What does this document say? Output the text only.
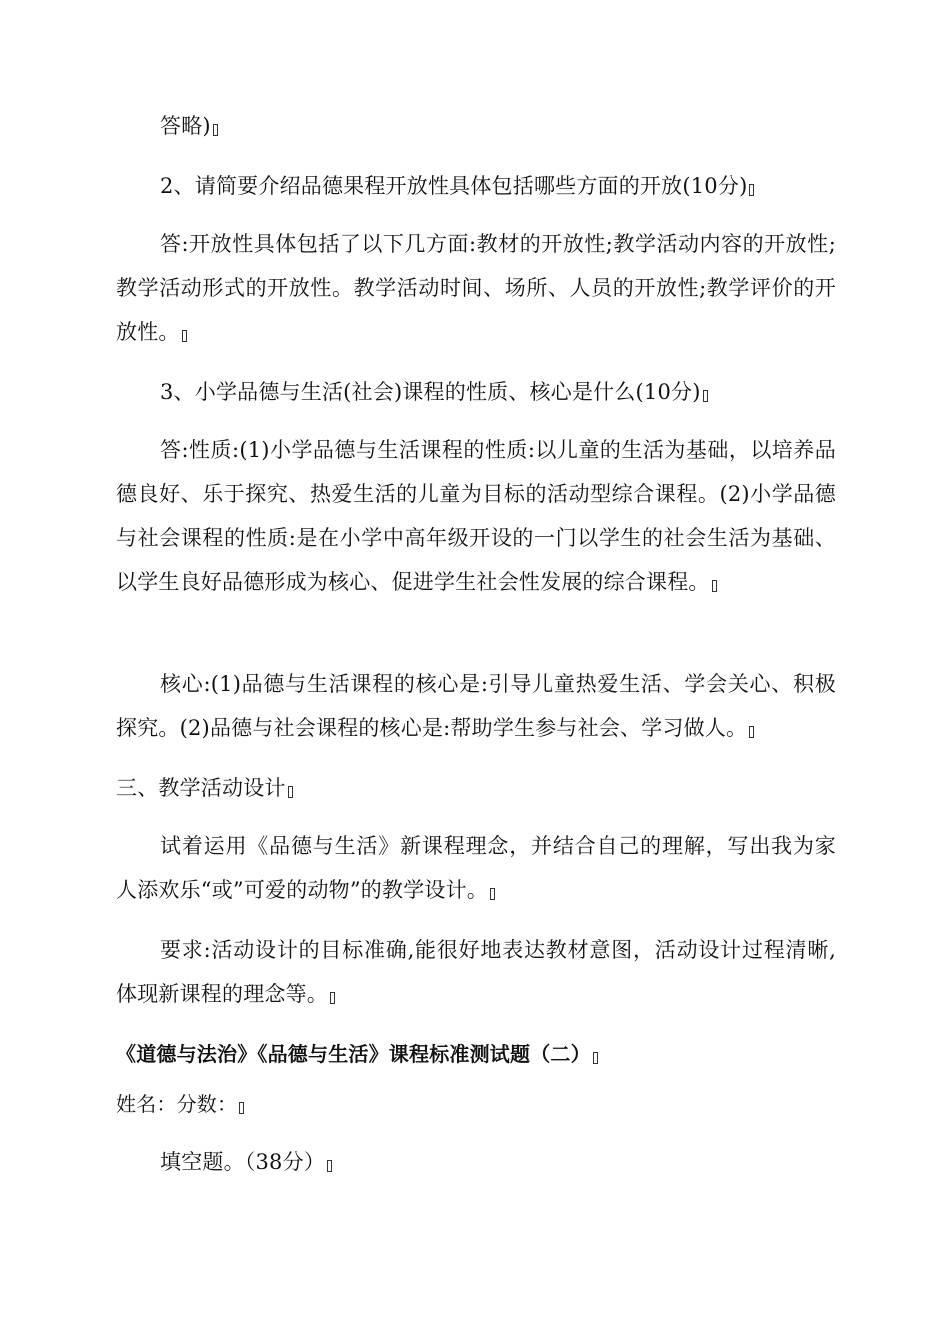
答略)
2、请简要介绍品德果程开放性具体包括哪些方面的开放(10分)
答:开放性具体包括了以下几方面:教材的开放性;教学活动内容的开放性;教学活动形式的开放性。教学活动时间、场所、人员的开放性;教学评价的开放性。
3、小学品德与生活(社会)课程的性质、核心是什么(10分)
答:性质:(1)小学品德与生活课程的性质:以儿童的生活为基础，以培养品德良好、乐于探究、热爱生活的儿童为目标的活动型综合课程。(2)小学品德与社会课程的性质:是在小学中高年级开设的一门以学生的社会生活为基础、以学生良好品德形成为核心、促进学生社会性发展的综合课程。
核心:(1)品德与生活课程的核心是:引导儿童热爱生活、学会关心、积极探究。(2)品德与社会课程的核心是:帮助学生参与社会、学习做人。
三、教学活动设计
试着运用《品德与生活》新课程理念，并结合自己的理解，写出我为家人添欢乐“或”可爱的动物”的教学设计。
要求:活动设计的目标准确,能很好地表达教材意图，活动设计过程清晰,体现新课程的理念等。
《道德与法治》《品德与生活》课程标准测试题（二）
姓名：分数：
填空题。（38分）
